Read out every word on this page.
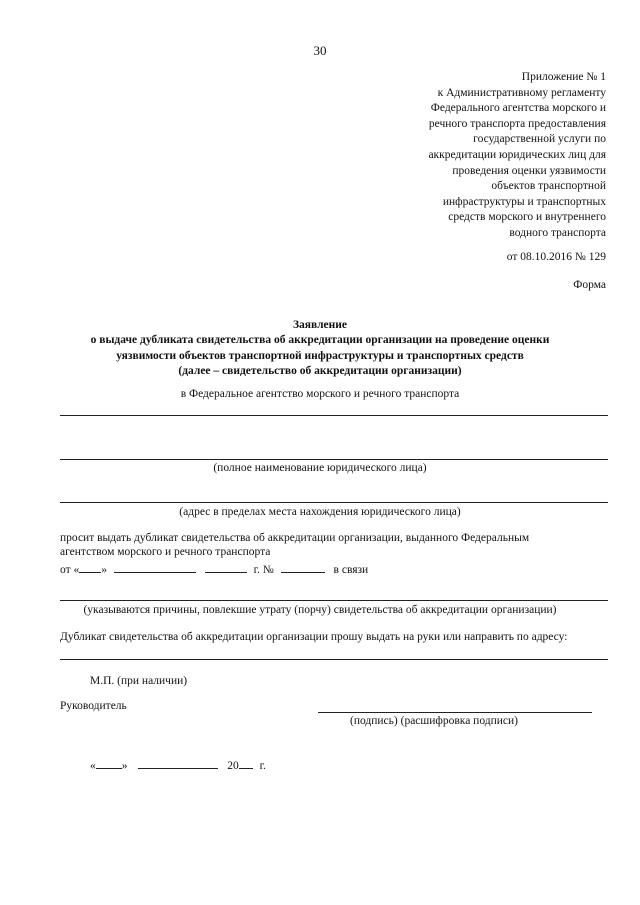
30
Приложение № 1
к Административному регламенту
Федерального агентства морского и
речного транспорта предоставления
государственной услуги по
аккредитации юридических лиц для
проведения оценки уязвимости
объектов транспортной
инфраструктуры и транспортных
средств морского и внутреннего
водного транспорта
от 08.10.2016 № 129
Форма
Заявление
о выдаче дубликата свидетельства об аккредитации организации на проведение оценки
уязвимости объектов транспортной инфраструктуры и транспортных средств
(далее – свидетельство об аккредитации организации)
в Федеральное агентство морского и речного транспорта
(полное наименование юридического лица)
(адрес в пределах места нахождения юридического лица)
просит выдать дубликат свидетельства об аккредитации организации, выданного Федеральным
агентством морского и речного транспорта
от « »	г. №	в связи
(указываются причины, повлекшие утрату (порчу) свидетельства об аккредитации организации)
Дубликат свидетельства об аккредитации организации прошу выдать на руки или направить по адресу:
М.П. (при наличии)
Руководитель
(подпись) (расшифровка подписи)
« »	20 г.
